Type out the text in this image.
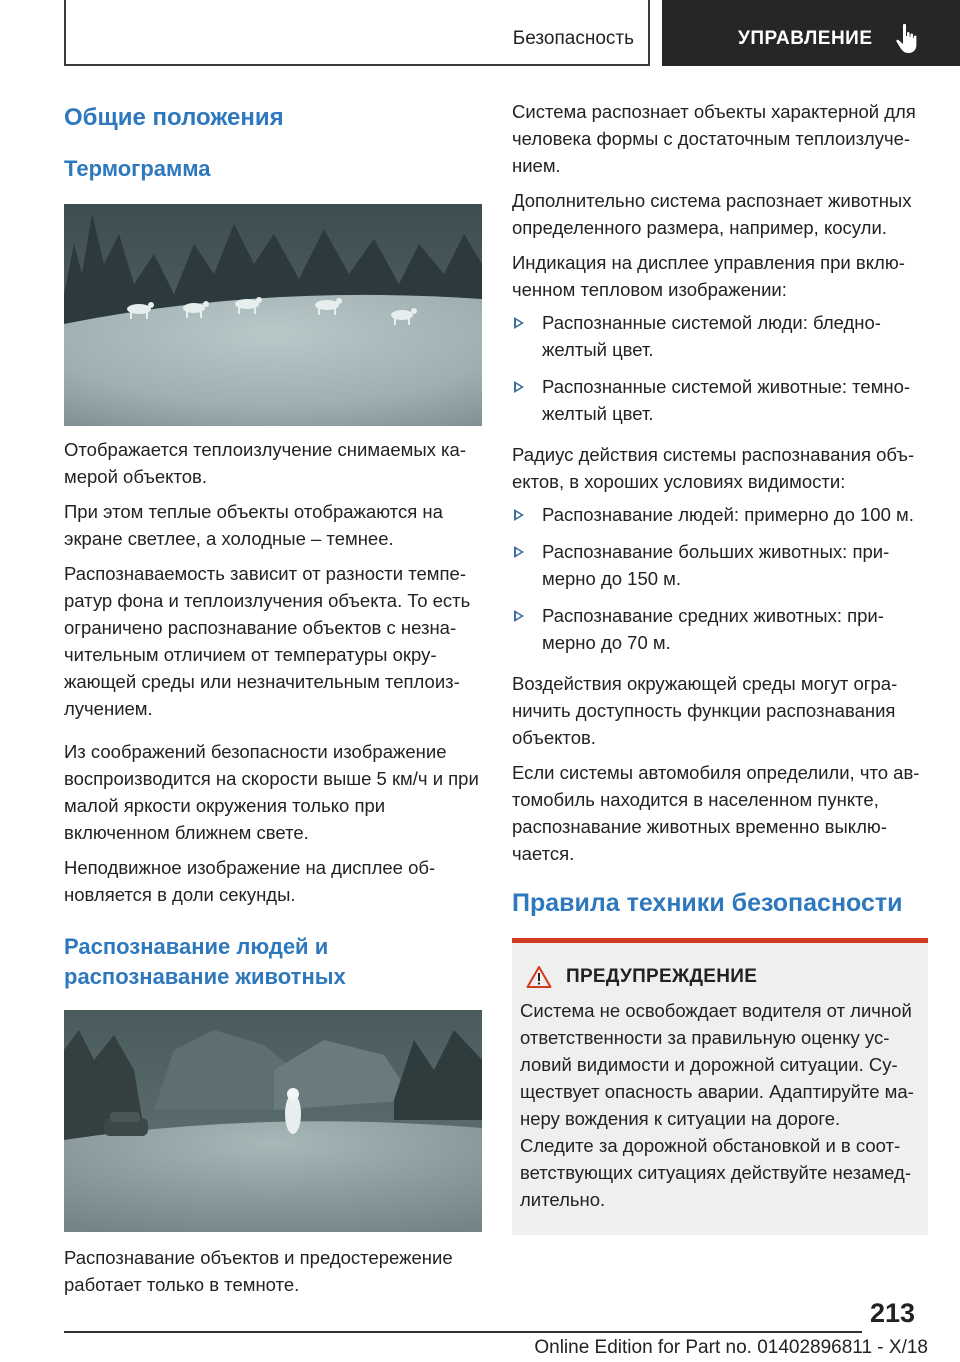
Безопасность	УПРАВЛЕНИЕ
Общие положения
Термограмма

Отображается теплоизлучение снимаемых ка-мерой объектов.

При этом теплые объекты отображаются на экране светлее, а холодные – темнее.

Распознаваемость зависит от разности темпе-ратур фона и теплоизлучения объекта. То есть ограничено распознавание объектов с незна-чительным отличием от температуры окру-жающей среды или незначительным теплоиз-лучением.

Из соображений безопасности изображение воспроизводится на скорости выше 5 км/ч и при малой яркости окружения только при включенном ближнем свете.

Неподвижное изображение на дисплее об-новляется в доли секунды.

Распознавание людей и распознавание животных

Распознавание объектов и предостережение работает только в темноте.

Система распознает объекты характерной для человека формы с достаточным теплоизлуче-нием.

Дополнительно система распознает животных определенного размера, например, косули.

Индикация на дисплее управления при вклю-ченном тепловом изображении:

Распознанные системой люди: бледно-желтый цвет.
Распознанные системой животные: темно-желтый цвет.

Радиус действия системы распознавания объ-ектов, в хороших условиях видимости:

Распознавание людей: примерно до 100 м.
Распознавание больших животных: при-мерно до 150 м.
Распознавание средних животных: при-мерно до 70 м.

Воздействия окружающей среды могут огра-ничить доступность функции распознавания объектов.

Если системы автомобиля определили, что ав-томобиль находится в населенном пункте, распознавание животных временно выклю-чается.

Правила техники безопасности
ПРЕДУПРЕЖДЕНИЕ

Система не освобождает водителя от личной ответственности за правильную оценку ус-ловий видимости и дорожной ситуации. Су-ществует опасность аварии. Адаптируйте ма-неру вождения к ситуации на дороге. Следите за дорожной обстановкой и в соот-ветствующих ситуациях действуйте незамед-лительно.

213
Online Edition for Part no. 01402896811 - X/18
